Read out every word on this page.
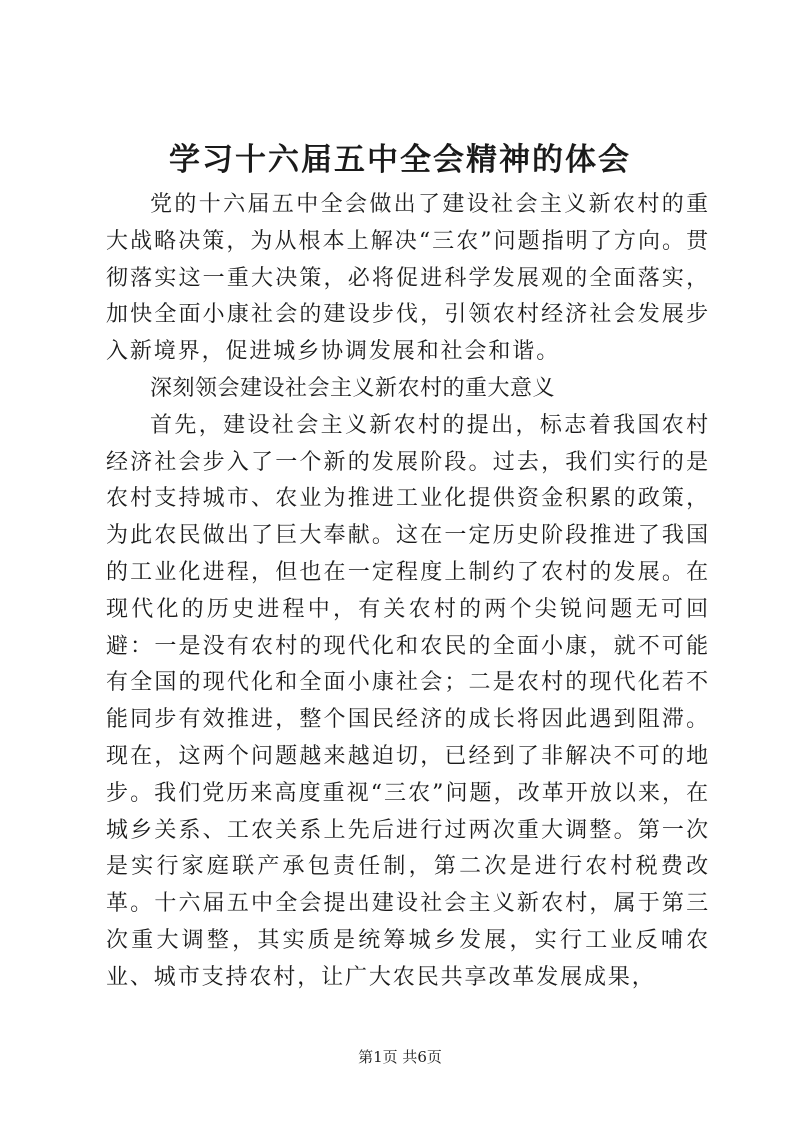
学习十六届五中全会精神的体会

党的十六届五中全会做出了建设社会主义新农村的重大战略决策，为从根本上解决“三农”问题指明了方向。贯彻落实这一重大决策，必将促进科学发展观的全面落实，加快全面小康社会的建设步伐，引领农村经济社会发展步入新境界，促进城乡协调发展和社会和谐。

深刻领会建设社会主义新农村的重大意义

首先，建设社会主义新农村的提出，标志着我国农村经济社会步入了一个新的发展阶段。过去，我们实行的是农村支持城市、农业为推进工业化提供资金积累的政策，为此农民做出了巨大奉献。这在一定历史阶段推进了我国的工业化进程，但也在一定程度上制约了农村的发展。在现代化的历史进程中，有关农村的两个尖锐问题无可回避：一是没有农村的现代化和农民的全面小康，就不可能有全国的现代化和全面小康社会；二是农村的现代化若不能同步有效推进，整个国民经济的成长将因此遇到阻滞。现在，这两个问题越来越迫切，已经到了非解决不可的地步。我们党历来高度重视“三农”问题，改革开放以来，在城乡关系、工农关系上先后进行过两次重大调整。第一次是实行家庭联产承包责任制，第二次是进行农村税费改革。十六届五中全会提出建设社会主义新农村，属于第三次重大调整，其实质是统筹城乡发展，实行工业反哺农业、城市支持农村，让广大农民共享改革发展成果，

第1页 共6页
